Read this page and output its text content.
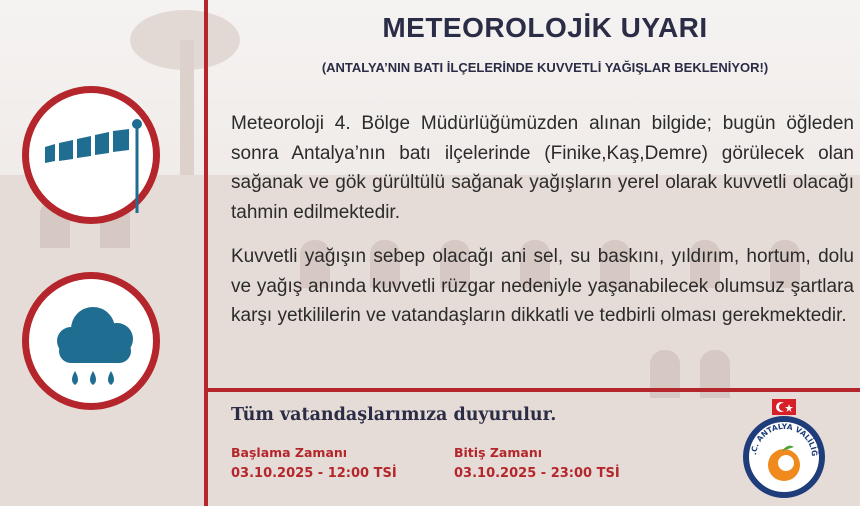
METEOROLOJİK UYARI
(ANTALYA’NIN BATI İLÇELERİNDE KUVVETLİ YAĞIŞLAR BEKLENİYOR!)

Meteoroloji 4. Bölge Müdürlüğümüzden alınan bilgide; bugün öğleden sonra Antalya’nın batı ilçelerinde (Finike,Kaş,Demre) görülecek olan sağanak ve gök gürültülü sağanak yağışların yerel olarak kuvvetli olacağı tahmin edilmektedir.

Kuvvetli yağışın sebep olacağı ani sel, su baskını, yıldırım, hortum, dolu ve yağış anında kuvvetli rüzgar nedeniyle yaşanabilecek olumsuz şartlara karşı yetkililerin ve vatandaşların dikkatli ve tedbirli olması gerekmektedir.

Tüm vatandaşlarımıza duyurulur.
Başlama Zamanı
03.10.2025 - 12:00 TSİ
Bitiş Zamanı
03.10.2025 - 23:00 TSİ
.C. ANTALYA VALİLİĞ
